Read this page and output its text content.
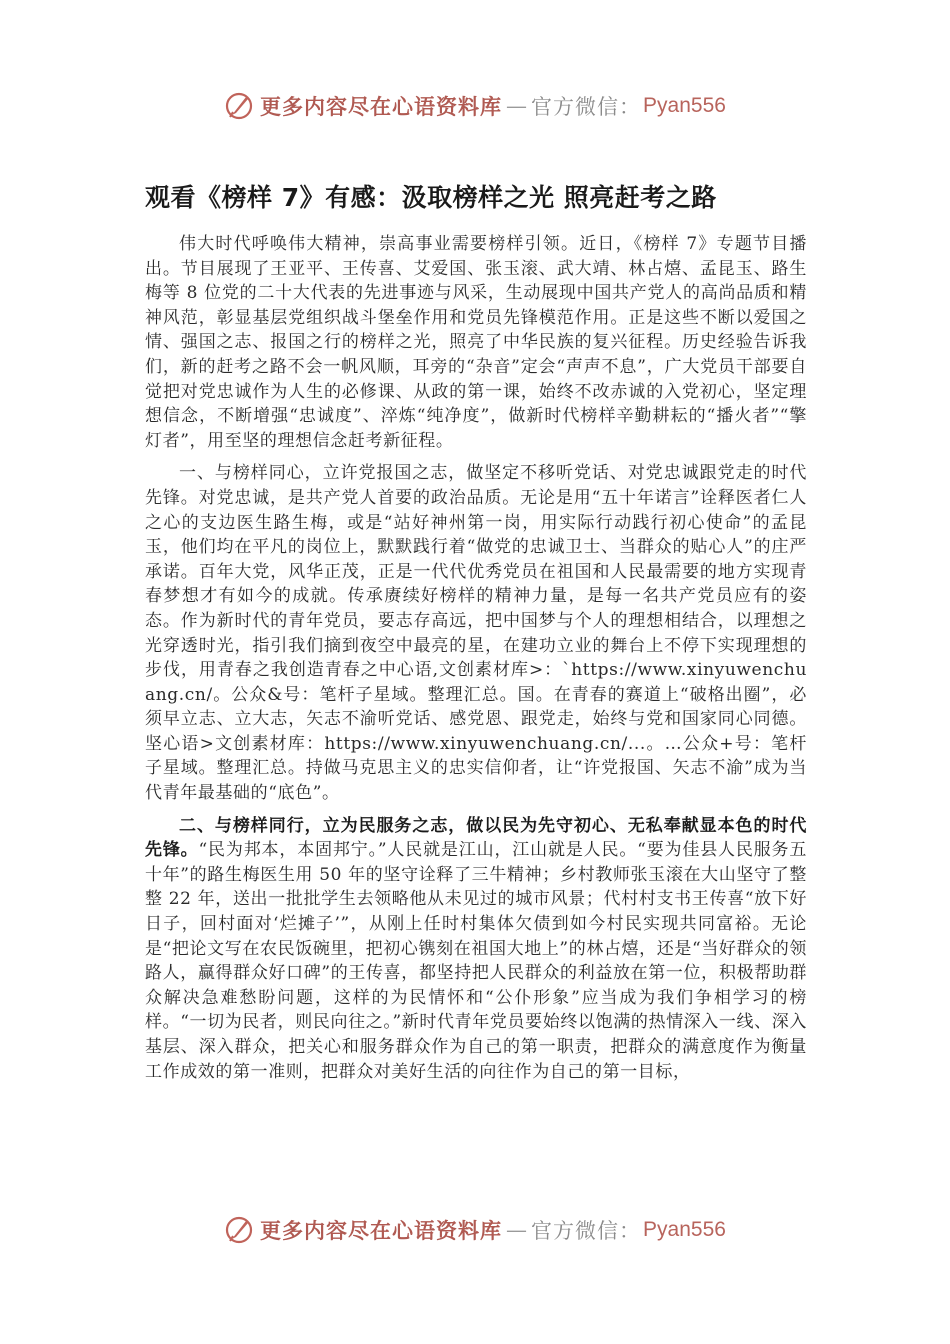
更多内容尽在心语资料库 — 官方微信： Pyan556
观看《榜样 7》有感：汲取榜样之光 照亮赶考之路

伟大时代呼唤伟大精神，崇高事业需要榜样引领。近日，《榜样 7》专题节目播出。节目展现了王亚平、王传喜、艾爱国、张玉滚、武大靖、林占熺、孟昆玉、路生梅等 8 位党的二十大代表的先进事迹与风采，生动展现中国共产党人的高尚品质和精神风范，彰显基层党组织战斗堡垒作用和党员先锋模范作用。正是这些不断以爱国之情、强国之志、报国之行的榜样之光，照亮了中华民族的复兴征程。历史经验告诉我们，新的赶考之路不会一帆风顺，耳旁的“杂音”定会“声声不息”，广大党员干部要自觉把对党忠诚作为人生的必修课、从政的第一课，始终不改赤诚的入党初心，坚定理想信念，不断增强“忠诚度”、淬炼“纯净度”，做新时代榜样辛勤耕耘的“播火者”“擎灯者”，用至坚的理想信念赶考新征程。

一、与榜样同心，立许党报国之志，做坚定不移听党话、对党忠诚跟党走的时代先锋。对党忠诚，是共产党人首要的政治品质。无论是用“五十年诺言”诠释医者仁人之心的支边医生路生梅，或是“站好神州第一岗，用实际行动践行初心使命”的孟昆玉，他们均在平凡的岗位上，默默践行着“做党的忠诚卫士、当群众的贴心人”的庄严承诺。百年大党，风华正茂，正是一代代优秀党员在祖国和人民最需要的地方实现青春梦想才有如今的成就。传承赓续好榜样的精神力量，是每一名共产党员应有的姿态。作为新时代的青年党员，要志存高远，把中国梦与个人的理想相结合，以理想之光穿透时光，指引我们摘到夜空中最亮的星，在建功立业的舞台上不停下实现理想的步伐，用青春之我创造青春之中心语,文创素材库>：`https://www.xinyuwenchuang.cn/。公众&号：笔杆子星域。整理汇总。国。在青春的赛道上“破格出圈”，必须早立志、立大志，矢志不渝听党话、感党恩、跟党走，始终与党和国家同心同德。坚心语>文创素材库：https://www.xinyuwenchuang.cn/...。…公众+号：笔杆子星域。整理汇总。持做马克思主义的忠实信仰者，让“许党报国、矢志不渝”成为当代青年最基础的“底色”。

二、与榜样同行，立为民服务之志，做以民为先守初心、无私奉献显本色的时代先锋。“民为邦本，本固邦宁。”人民就是江山，江山就是人民。“要为佳县人民服务五十年”的路生梅医生用 50 年的坚守诠释了三牛精神；乡村教师张玉滚在大山坚守了整整 22 年，送出一批批学生去领略他从未见过的城市风景；代村村支书王传喜“放下好日子，回村面对‘烂摊子’”，从刚上任时村集体欠债到如今村民实现共同富裕。无论是“把论文写在农民饭碗里，把初心镌刻在祖国大地上”的林占熺，还是“当好群众的领路人，赢得群众好口碑”的王传喜，都坚持把人民群众的利益放在第一位，积极帮助群众解决急难愁盼问题，这样的为民情怀和“公仆形象”应当成为我们争相学习的榜样。“一切为民者，则民向往之。”新时代青年党员要始终以饱满的热情深入一线、深入基层、深入群众，把关心和服务群众作为自己的第一职责，把群众的满意度作为衡量工作成效的第一准则，把群众对美好生活的向往作为自己的第一目标，

更多内容尽在心语资料库 — 官方微信： Pyan556
